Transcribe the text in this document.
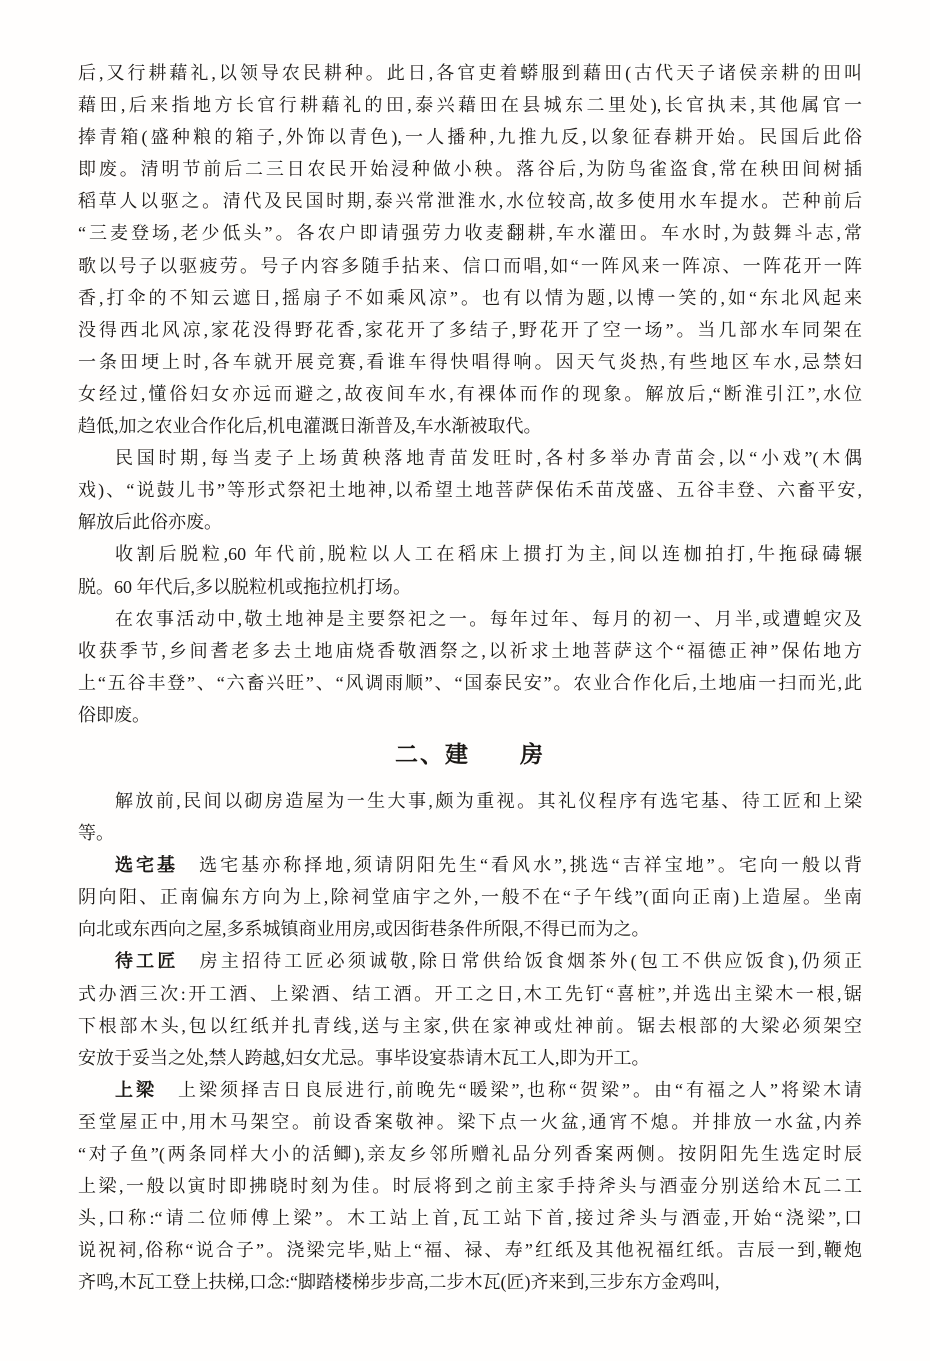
后,又行耕藉礼,以领导农民耕种。此日,各官吏着蟒服到藉田(古代天子诸侯亲耕的田叫
藉田,后来指地方长官行耕藉礼的田,泰兴藉田在县城东二里处),长官执耒,其他属官一
捧青箱(盛种粮的箱子,外饰以青色),一人播种,九推九反,以象征春耕开始。民国后此俗
即废。清明节前后二三日农民开始浸种做小秧。落谷后,为防鸟雀盗食,常在秧田间树插
稻草人以驱之。清代及民国时期,泰兴常泄淮水,水位较高,故多使用水车提水。芒种前后
“三麦登场,老少低头”。各农户即请强劳力收麦翻耕,车水灌田。车水时,为鼓舞斗志,常
歌以号子以驱疲劳。号子内容多随手拈来、信口而唱,如“一阵风来一阵凉、一阵花开一阵
香,打伞的不知云遮日,摇扇子不如乘风凉”。也有以情为题,以博一笑的,如“东北风起来
没得西北风凉,家花没得野花香,家花开了多结子,野花开了空一场”。当几部水车同架在
一条田埂上时,各车就开展竞赛,看谁车得快唱得响。因天气炎热,有些地区车水,忌禁妇
女经过,懂俗妇女亦远而避之,故夜间车水,有裸体而作的现象。解放后,“断淮引江”,水位
趋低,加之农业合作化后,机电灌溉日渐普及,车水渐被取代。
民国时期,每当麦子上场黄秧落地青苗发旺时,各村多举办青苗会,以“小戏”(木偶
戏)、“说鼓儿书”等形式祭祀土地神,以希望土地菩萨保佑禾苗茂盛、五谷丰登、六畜平安,
解放后此俗亦废。
收割后脱粒,60 年代前,脱粒以人工在稻床上掼打为主,间以连枷拍打,牛拖碌碡辗
脱。60 年代后,多以脱粒机或拖拉机打场。
在农事活动中,敬土地神是主要祭祀之一。每年过年、每月的初一、月半,或遭蝗灾及
收获季节,乡间耆老多去土地庙烧香敬酒祭之,以祈求土地菩萨这个“福德正神”保佑地方
上“五谷丰登”、“六畜兴旺”、“风调雨顺”、“国泰民安”。农业合作化后,土地庙一扫而光,此
俗即废。
二、建　　房
解放前,民间以砌房造屋为一生大事,颇为重视。其礼仪程序有选宅基、待工匠和上梁
等。
选宅基　选宅基亦称择地,须请阴阳先生“看风水”,挑选“吉祥宝地”。宅向一般以背
阴向阳、正南偏东方向为上,除祠堂庙宇之外,一般不在“子午线”(面向正南)上造屋。坐南
向北或东西向之屋,多系城镇商业用房,或因街巷条件所限,不得已而为之。
待工匠　房主招待工匠必须诚敬,除日常供给饭食烟茶外(包工不供应饭食),仍须正
式办酒三次:开工酒、上梁酒、结工酒。开工之日,木工先钉“喜桩”,并选出主梁木一根,锯
下根部木头,包以红纸并扎青线,送与主家,供在家神或灶神前。锯去根部的大梁必须架空
安放于妥当之处,禁人跨越,妇女尤忌。事毕设宴恭请木瓦工人,即为开工。
上梁　上梁须择吉日良辰进行,前晚先“暖梁”,也称“贺梁”。由“有福之人”将梁木请
至堂屋正中,用木马架空。前设香案敬神。梁下点一火盆,通宵不熄。并排放一水盆,内养
“对子鱼”(两条同样大小的活鲫),亲友乡邻所赠礼品分列香案两侧。按阴阳先生选定时辰
上梁,一般以寅时即拂晓时刻为佳。时辰将到之前主家手持斧头与酒壶分别送给木瓦二工
头,口称:“请二位师傅上梁”。木工站上首,瓦工站下首,接过斧头与酒壶,开始“浇梁”,口
说祝祠,俗称“说合子”。浇梁完毕,贴上“福、禄、寿”红纸及其他祝福红纸。吉辰一到,鞭炮
齐鸣,木瓦工登上扶梯,口念:“脚踏楼梯步步高,二步木瓦(匠)齐来到,三步东方金鸡叫,
